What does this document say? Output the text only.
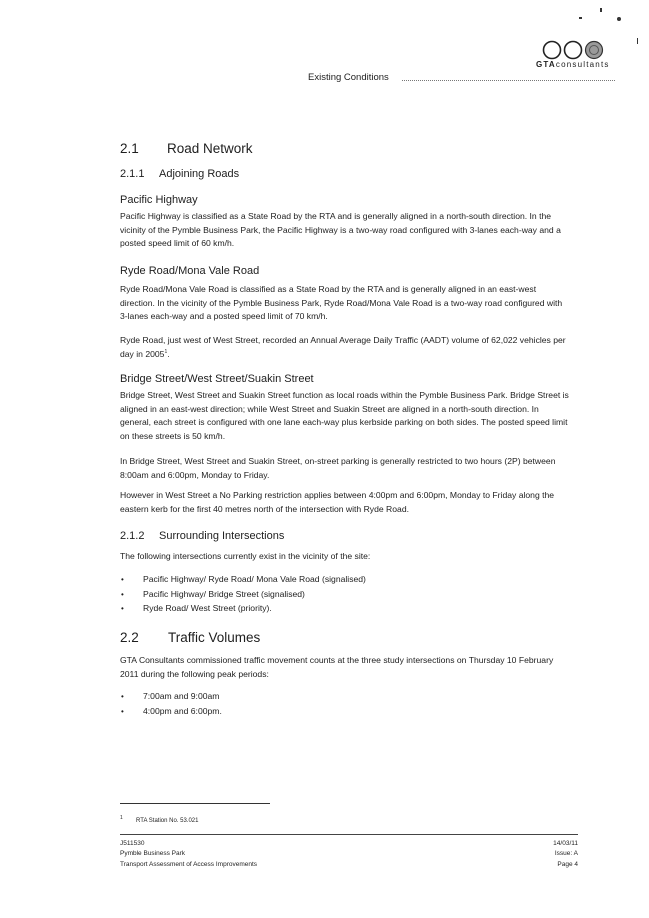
GTAconsultants
Existing Conditions
2.1 Road Network
2.1.1 Adjoining Roads
Pacific Highway
Pacific Highway is classified as a State Road by the RTA and is generally aligned in a north-south direction. In the vicinity of the Pymble Business Park, the Pacific Highway is a two-way road configured with 3-lanes each-way and a posted speed limit of 60 km/h.
Ryde Road/Mona Vale Road
Ryde Road/Mona Vale Road is classified as a State Road by the RTA and is generally aligned in an east-west direction. In the vicinity of the Pymble Business Park, Ryde Road/Mona Vale Road is a two-way road configured with 3-lanes each-way and a posted speed limit of 70 km/h.
Ryde Road, just west of West Street, recorded an Annual Average Daily Traffic (AADT) volume of 62,022 vehicles per day in 2005$^1$.
Bridge Street/West Street/Suakin Street
Bridge Street, West Street and Suakin Street function as local roads within the Pymble Business Park. Bridge Street is aligned in an east-west direction; while West Street and Suakin Street are aligned in a north-south direction. In general, each street is configured with one lane each-way plus kerbside parking on both sides. The posted speed limit on these streets is 50 km/h.
In Bridge Street, West Street and Suakin Street, on-street parking is generally restricted to two hours (2P) between 8:00am and 6:00pm, Monday to Friday.
However in West Street a No Parking restriction applies between 4:00pm and 6:00pm, Monday to Friday along the eastern kerb for the first 40 metres north of the intersection with Ryde Road.
2.1.2 Surrounding Intersections
The following intersections currently exist in the vicinity of the site:
• Pacific Highway/ Ryde Road/ Mona Vale Road (signalised)
• Pacific Highway/ Bridge Street (signalised)
• Ryde Road/ West Street (priority).
2.2 Traffic Volumes
GTA Consultants commissioned traffic movement counts at the three study intersections on Thursday 10 February 2011 during the following peak periods:
• 7:00am and 9:00am
• 4:00pm and 6:00pm.
1 RTA Station No. 53.021
J511530
Pymble Business Park
Transport Assessment of Access Improvements
14/03/11
Issue: A
Page 4
